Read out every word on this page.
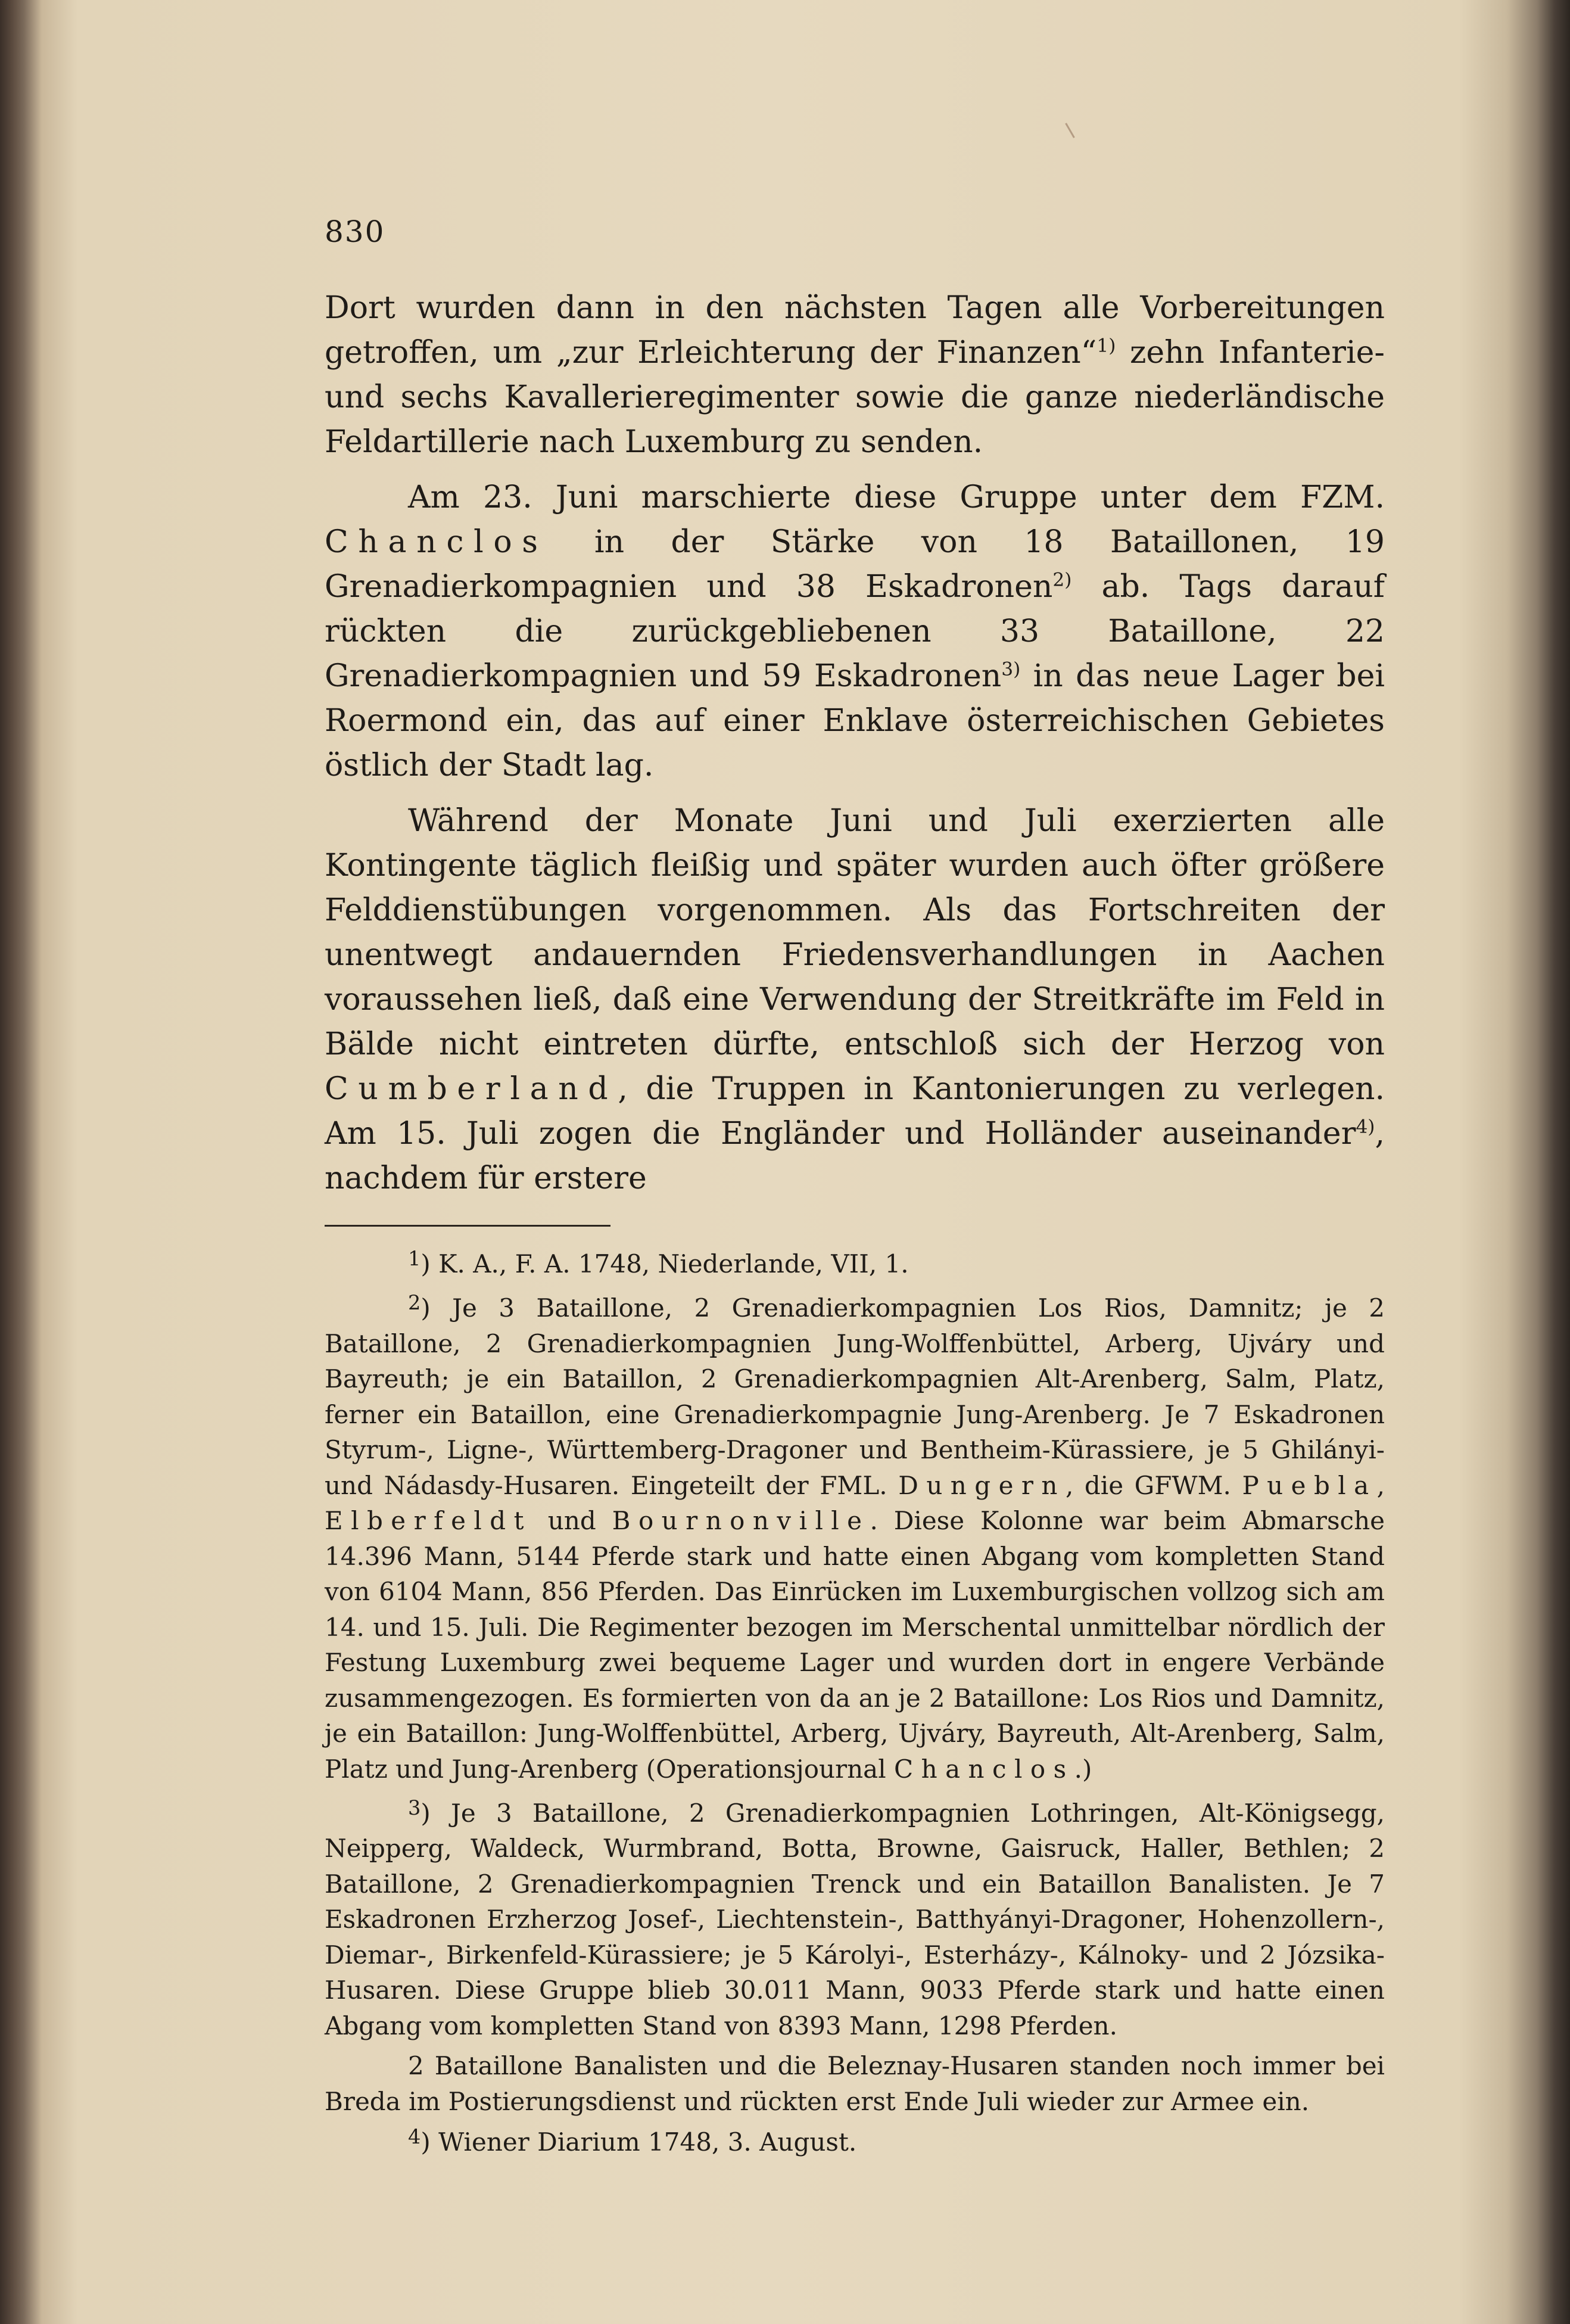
830

Dort wurden dann in den nächsten Tagen alle Vorbereitungen getroffen, um „zur Erleichterung der Finanzen“$^{1)}$ zehn Infanterie- und sechs Kavallerieregimenter sowie die ganze niederländische Feldartillerie nach Luxemburg zu senden.

Am 23. Juni marschierte diese Gruppe unter dem FZM. Chanclos in der Stärke von 18 Bataillonen, 19 Grenadierkompagnien und 38 Eskadronen$^{2)}$ ab. Tags darauf rückten die zurückgebliebenen 33 Bataillone, 22 Grenadierkompagnien und 59 Eskadronen$^{3)}$ in das neue Lager bei Roermond ein, das auf einer Enklave österreichischen Gebietes östlich der Stadt lag.

Während der Monate Juni und Juli exerzierten alle Kontingente täglich fleißig und später wurden auch öfter größere Felddienstübungen vorgenommen. Als das Fortschreiten der unentwegt andauernden Friedensverhandlungen in Aachen voraussehen ließ, daß eine Verwendung der Streitkräfte im Feld in Bälde nicht eintreten dürfte, entschloß sich der Herzog von Cumberland, die Truppen in Kantonierungen zu verlegen. Am 15. Juli zogen die Engländer und Holländer auseinander$^{4)}$, nachdem für erstere

$^1$) K. A., F. A. 1748, Niederlande, VII, 1.

$^2$) Je 3 Bataillone, 2 Grenadierkompagnien Los Rios, Damnitz; je 2 Bataillone, 2 Grenadierkompagnien Jung-Wolffenbüttel, Arberg, Ujváry und Bayreuth; je ein Bataillon, 2 Grenadierkompagnien Alt-Arenberg, Salm, Platz, ferner ein Bataillon, eine Grenadierkompagnie Jung-Arenberg. Je 7 Eskadronen Styrum-, Ligne-, Württemberg-Dragoner und Bentheim-Kürassiere, je 5 Ghilányi- und Nádasdy-Husaren. Eingeteilt der FML. Dungern, die GFWM. Puebla, Elberfeldt und Bournonville. Diese Kolonne war beim Abmarsche 14.396 Mann, 5144 Pferde stark und hatte einen Abgang vom kompletten Stand von 6104 Mann, 856 Pferden. Das Einrücken im Luxemburgischen vollzog sich am 14. und 15. Juli. Die Regimenter bezogen im Merschental unmittelbar nördlich der Festung Luxemburg zwei bequeme Lager und wurden dort in engere Verbände zusammengezogen. Es formierten von da an je 2 Bataillone: Los Rios und Damnitz, je ein Bataillon: Jung-Wolffenbüttel, Arberg, Ujváry, Bayreuth, Alt-Arenberg, Salm, Platz und Jung-Arenberg (Operationsjournal Chanclos.)

$^3$) Je 3 Bataillone, 2 Grenadierkompagnien Lothringen, Alt-Königsegg, Neipperg, Waldeck, Wurmbrand, Botta, Browne, Gaisruck, Haller, Bethlen; 2 Bataillone, 2 Grenadierkompagnien Trenck und ein Bataillon Banalisten. Je 7 Eskadronen Erzherzog Josef-, Liechtenstein-, Batthyányi-Dragoner, Hohenzollern-, Diemar-, Birkenfeld-Kürassiere; je 5 Károlyi-, Esterházy-, Kálnoky- und 2 Józsika-Husaren. Diese Gruppe blieb 30.011 Mann, 9033 Pferde stark und hatte einen Abgang vom kompletten Stand von 8393 Mann, 1298 Pferden.

2 Bataillone Banalisten und die Beleznay-Husaren standen noch immer bei Breda im Postierungsdienst und rückten erst Ende Juli wieder zur Armee ein.

$^4$) Wiener Diarium 1748, 3. August.
